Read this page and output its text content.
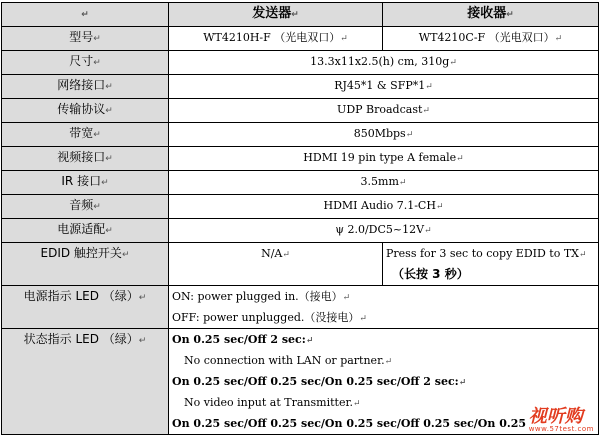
↵	发送器↵	接收器↵
型号↵	WT4210H-F （光电双口）↵	WT4210C-F （光电双口）↵
尺寸↵	13.3x11x2.5(h) cm, 310g↵	
网络接口↵	RJ45*1 & SFP*1↵	
传输协议↵	UDP Broadcast↵	
带宽↵	850Mbps↵	
视频接口↵	HDMI 19 pin type A female↵	
IR 接口↵	3.5mm↵	
音频↵	HDMI Audio 7.1-CH↵	
电源适配↵	ψ 2.0/DC5~12V↵	
EDID 触控开关↵	N/A↵	Press for 3 sec to copy EDID to TX↵
（长按 3 秒）

电源指示 LED （绿）↵	ON: power plugged in.（接电）↵
OFF: power unplugged.（没接电）↵	

状态指示 LED （绿）↵	On 0.25 sec/Off 2 sec:↵
No connection with LAN or partner.↵
On 0.25 sec/Off 0.25 sec/On 0.25 sec/Off 2 sec:↵
No video input at Transmitter.↵
On 0.25 sec/Off 0.25 sec/On 0.25 sec/Off 0.25 sec/On 0.25	视听购
www.57test.com
